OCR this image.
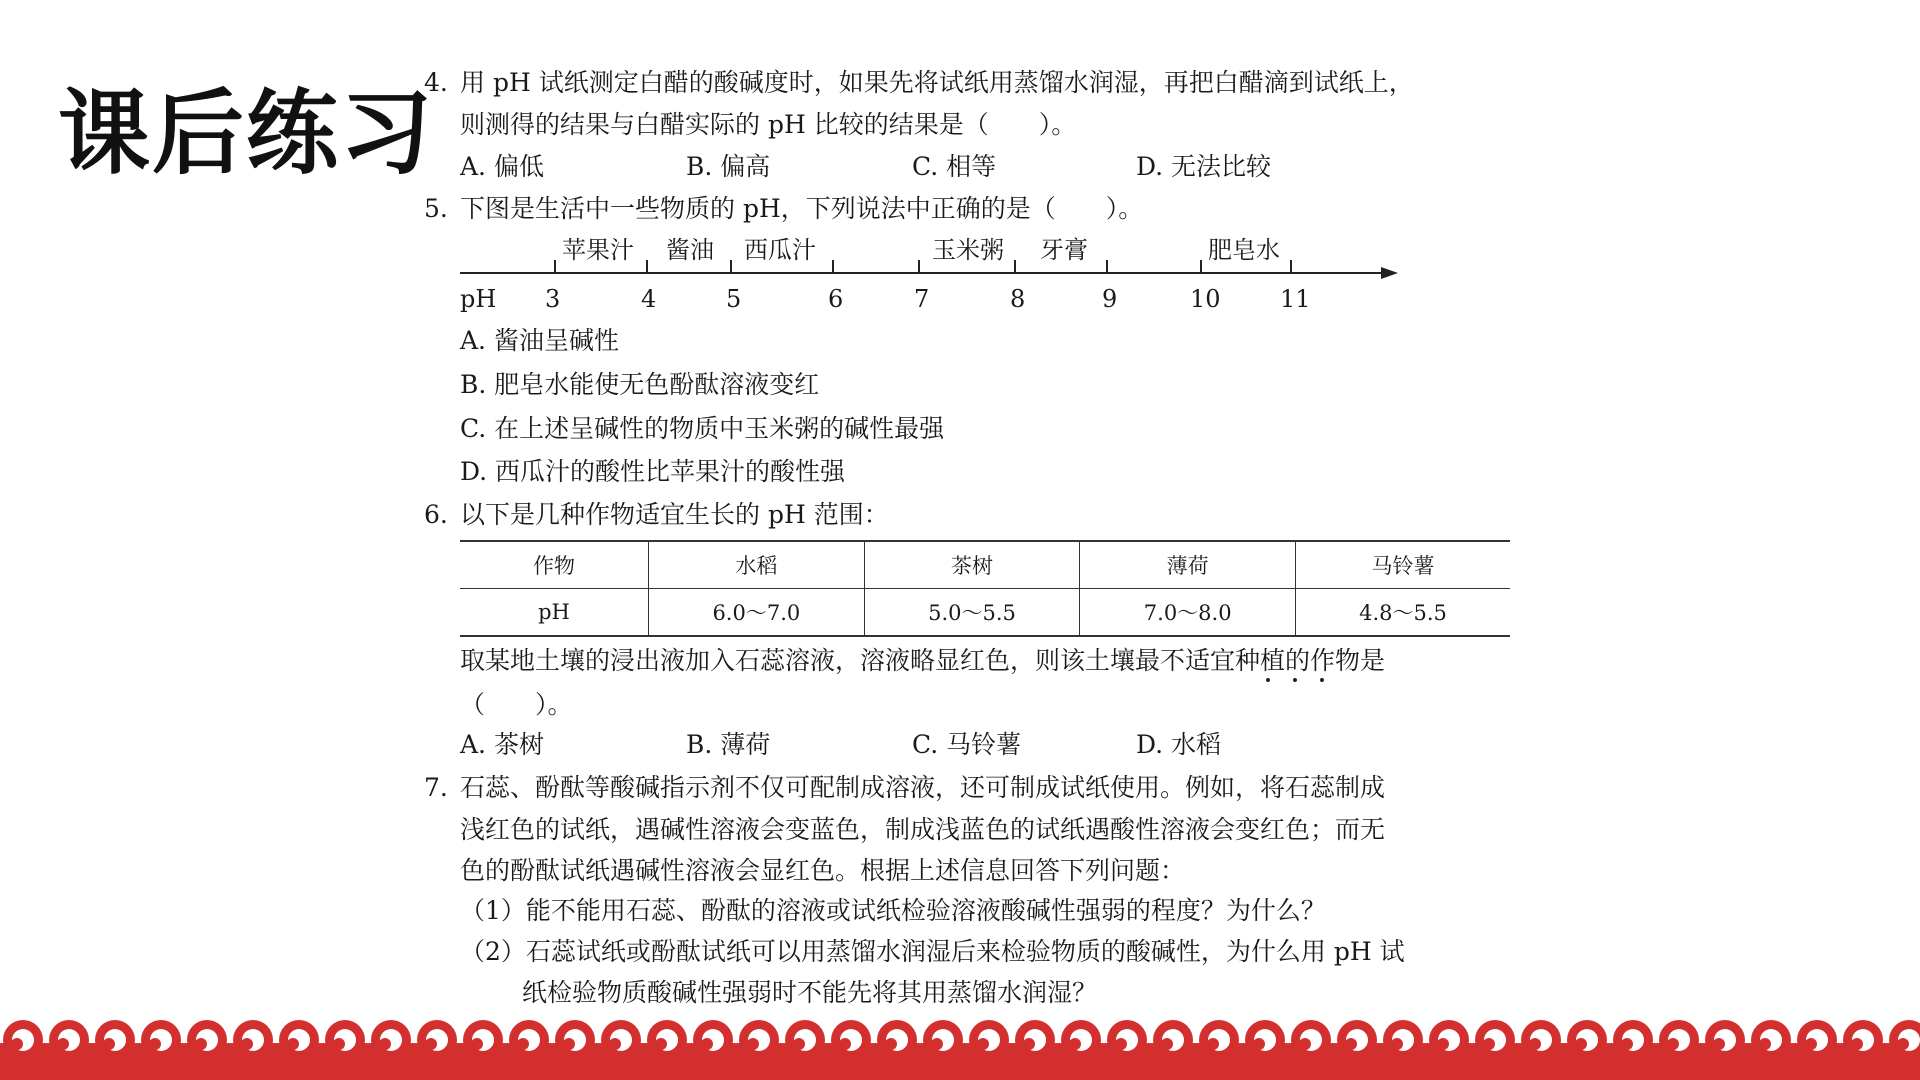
课后练习
4. 用 pH 试纸测定白醋的酸碱度时，如果先将试纸用蒸馏水润湿，再把白醋滴到试纸上，
则测得的结果与白醋实际的 pH 比较的结果是（　　）。
A. 偏低	B. 偏高	C. 相等	D. 无法比较
5. 下图是生活中一些物质的 pH，下列说法中正确的是（　　）。
苹果汁 酱油 西瓜汁	玉米粥 牙膏	肥皂水
pH 3	4	5	6	7	8	9	10 11
A. 酱油呈碱性
B. 肥皂水能使无色酚酞溶液变红
C. 在上述呈碱性的物质中玉米粥的碱性最强
D. 西瓜汁的酸性比苹果汁的酸性强
6. 以下是几种作物适宜生长的 pH 范围：
作物	水稻	茶树	薄荷	马铃薯
pH	6.0～7.0	5.0～5.5	7.0～8.0	4.8～5.5
取某地土壤的浸出液加入石蕊溶液，溶液略显红色，则该土壤最不适宜种植的作物是
（　　）。
A. 茶树	B. 薄荷	C. 马铃薯	D. 水稻
7. 石蕊、酚酞等酸碱指示剂不仅可配制成溶液，还可制成试纸使用。例如，将石蕊制成
浅红色的试纸，遇碱性溶液会变蓝色，制成浅蓝色的试纸遇酸性溶液会变红色；而无
色的酚酞试纸遇碱性溶液会显红色。根据上述信息回答下列问题：
（1）能不能用石蕊、酚酞的溶液或试纸检验溶液酸碱性强弱的程度？为什么？
（2）石蕊试纸或酚酞试纸可以用蒸馏水润湿后来检验物质的酸碱性，为什么用 pH 试
纸检验物质酸碱性强弱时不能先将其用蒸馏水润湿？
